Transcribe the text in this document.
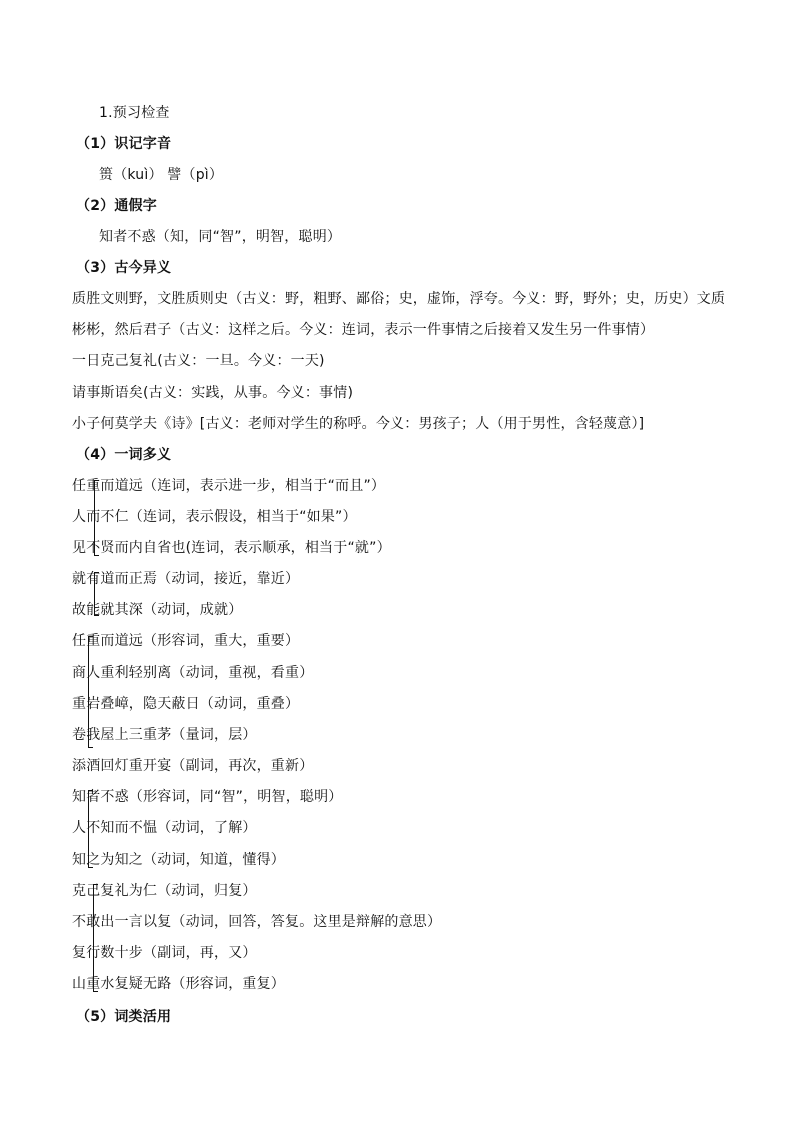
1.预习检查
（1）识记字音
篑（kuì） 譬（pì）
（2）通假字
知者不惑（知，同“智”，明智，聪明）
（3）古今异义
质胜文则野，文胜质则史（古义：野，粗野、鄙俗；史，虚饰，浮夸。今义：野，野外；史，历史）文质
彬彬，然后君子（古义：这样之后。今义：连词，表示一件事情之后接着又发生另一件事情）
一日克己复礼(古义：一旦。今义：一天)
请事斯语矣(古义：实践，从事。今义：事情)
小子何莫学夫《诗》[古义：老师对学生的称呼。今义：男孩子；人（用于男性，含轻蔑意）]
（4）一词多义
任重而道远（连词，表示进一步，相当于“而且”）
人而不仁（连词，表示假设，相当于“如果”）
见不贤而内自省也(连词，表示顺承，相当于“就”）
就有道而正焉（动词，接近，靠近）
故能就其深（动词，成就）
任重而道远（形容词，重大，重要）
商人重利轻别离（动词，重视，看重）
重岩叠嶂，隐天蔽日（动词，重叠）
卷我屋上三重茅（量词，层）
添酒回灯重开宴（副词，再次，重新）
知者不惑（形容词，同“智”，明智，聪明）
人不知而不愠（动词，了解）
知之为知之（动词，知道，懂得）
克己复礼为仁（动词，归复）
不敢出一言以复（动词，回答，答复。这里是辩解的意思）
复行数十步（副词，再，又）
山重水复疑无路（形容词，重复）
（5）词类活用
